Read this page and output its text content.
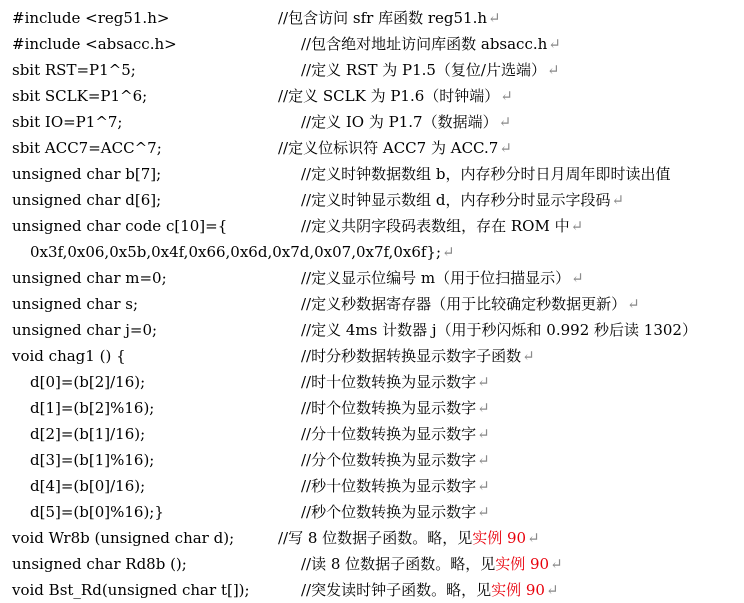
#include <reg51.h>	//包含访问 sfr 库函数 reg51.h↵
#include <absacc.h>	//包含绝对地址访问库函数 absacc.h↵
sbit RST=P1^5;	//定义 RST 为 P1.5（复位/片选端）↵
sbit SCLK=P1^6;	//定义 SCLK 为 P1.6（时钟端）↵
sbit IO=P1^7;	//定义 IO 为 P1.7（数据端）↵
sbit ACC7=ACC^7;	//定义位标识符 ACC7 为 ACC.7↵
unsigned char b[7];	//定义时钟数据数组 b，内存秒分时日月周年即时读出值
unsigned char d[6];	//定义时钟显示数组 d，内存秒分时显示字段码↵
unsigned char code c[10]={	//定义共阴字段码表数组，存在 ROM 中↵
0x3f,0x06,0x5b,0x4f,0x66,0x6d,0x7d,0x07,0x7f,0x6f};↵
unsigned char m=0;	//定义显示位编号 m（用于位扫描显示）↵
unsigned char s;	//定义秒数据寄存器（用于比较确定秒数据更新）↵
unsigned char j=0;	//定义 4ms 计数器 j（用于秒闪烁和 0.992 秒后读 1302）
void chag1 () {	//时分秒数据转换显示数字子函数↵
d[0]=(b[2]/16);	//时十位数转换为显示数字↵
d[1]=(b[2]%16);	//时个位数转换为显示数字↵
d[2]=(b[1]/16);	//分十位数转换为显示数字↵
d[3]=(b[1]%16);	//分个位数转换为显示数字↵
d[4]=(b[0]/16);	//秒十位数转换为显示数字↵
d[5]=(b[0]%16);}	//秒个位数转换为显示数字↵
void Wr8b (unsigned char d);	//写 8 位数据子函数。略，见实例 90↵
unsigned char Rd8b ();	//读 8 位数据子函数。略，见实例 90↵
void Bst_Rd(unsigned char t[]);	//突发读时钟子函数。略，见实例 90↵
